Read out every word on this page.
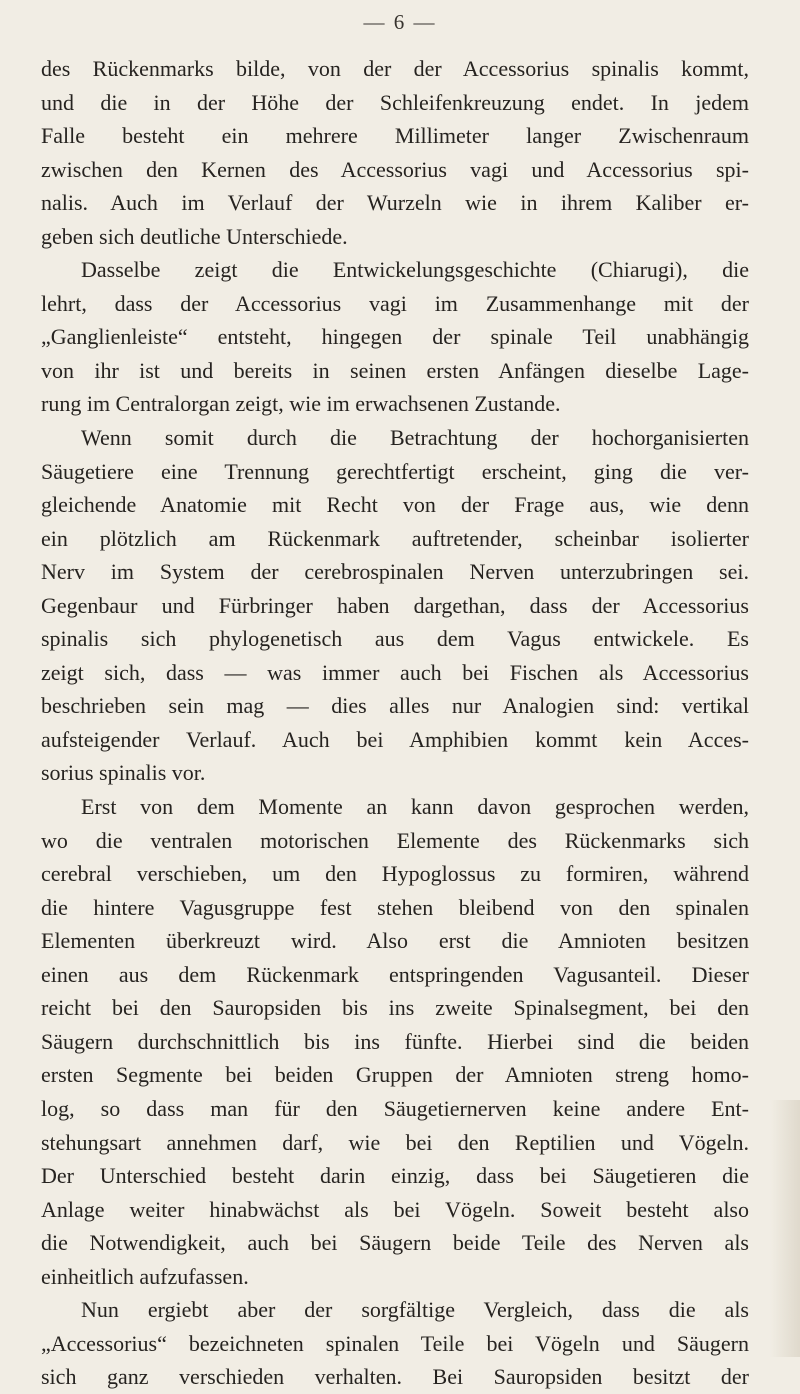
— 6 —
des Rückenmarks bilde, von der der Accessorius spinalis kommt,
und die in der Höhe der Schleifenkreuzung endet. In jedem
Falle besteht ein mehrere Millimeter langer Zwischenraum
zwischen den Kernen des Accessorius vagi und Accessorius spi-
nalis. Auch im Verlauf der Wurzeln wie in ihrem Kaliber er-
geben sich deutliche Unterschiede.
Dasselbe zeigt die Entwickelungsgeschichte (Chiarugi), die
lehrt, dass der Accessorius vagi im Zusammenhange mit der
„Ganglienleiste“ entsteht, hingegen der spinale Teil unabhängig
von ihr ist und bereits in seinen ersten Anfängen dieselbe Lage-
rung im Centralorgan zeigt, wie im erwachsenen Zustande.
Wenn somit durch die Betrachtung der hochorganisierten
Säugetiere eine Trennung gerechtfertigt erscheint, ging die ver-
gleichende Anatomie mit Recht von der Frage aus, wie denn
ein plötzlich am Rückenmark auftretender, scheinbar isolierter
Nerv im System der cerebrospinalen Nerven unterzubringen sei.
Gegenbaur und Fürbringer haben dargethan, dass der Accessorius
spinalis sich phylogenetisch aus dem Vagus entwickele. Es
zeigt sich, dass — was immer auch bei Fischen als Accessorius
beschrieben sein mag — dies alles nur Analogien sind: vertikal
aufsteigender Verlauf. Auch bei Amphibien kommt kein Acces-
sorius spinalis vor.
Erst von dem Momente an kann davon gesprochen werden,
wo die ventralen motorischen Elemente des Rückenmarks sich
cerebral verschieben, um den Hypoglossus zu formiren, während
die hintere Vagusgruppe fest stehen bleibend von den spinalen
Elementen überkreuzt wird. Also erst die Amnioten besitzen
einen aus dem Rückenmark entspringenden Vagusanteil. Dieser
reicht bei den Sauropsiden bis ins zweite Spinalsegment, bei den
Säugern durchschnittlich bis ins fünfte. Hierbei sind die beiden
ersten Segmente bei beiden Gruppen der Amnioten streng homo-
log, so dass man für den Säugetiernerven keine andere Ent-
stehungsart annehmen darf, wie bei den Reptilien und Vögeln.
Der Unterschied besteht darin einzig, dass bei Säugetieren die
Anlage weiter hinabwächst als bei Vögeln. Soweit besteht also
die Notwendigkeit, auch bei Säugern beide Teile des Nerven als
einheitlich aufzufassen.
Nun ergiebt aber der sorgfältige Vergleich, dass die als
„Accessorius“ bezeichneten spinalen Teile bei Vögeln und Säugern
sich ganz verschieden verhalten. Bei Sauropsiden besitzt der
